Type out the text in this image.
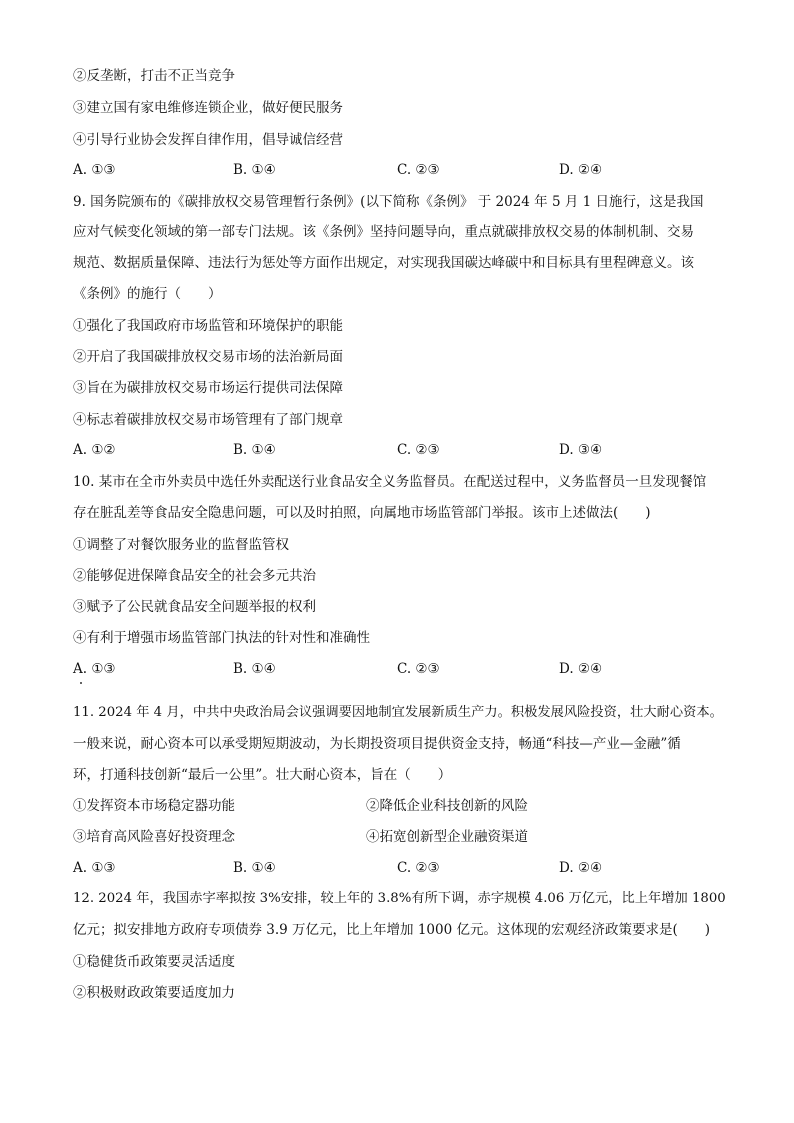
②反垄断，打击不正当竞争
③建立国有家电维修连锁企业，做好便民服务
④引导行业协会发挥自律作用，倡导诚信经营
A. ①③	B. ①④	C. ②③	D. ②④
9. 国务院颁布的《碳排放权交易管理暂行条例》(以下简称《条例》 于 2024 年 5 月 1 日施行，这是我国
应对气候变化领域的第一部专门法规。该《条例》坚持问题导向，重点就碳排放权交易的体制机制、交易
规范、数据质量保障、违法行为惩处等方面作出规定，对实现我国碳达峰碳中和目标具有里程碑意义。该
《条例》的施行（　　）
①强化了我国政府市场监管和环境保护的职能
②开启了我国碳排放权交易市场的法治新局面
③旨在为碳排放权交易市场运行提供司法保障
④标志着碳排放权交易市场管理有了部门规章
A. ①②	B. ①④	C. ②③	D. ③④
10. 某市在全市外卖员中选任外卖配送行业食品安全义务监督员。在配送过程中，义务监督员一旦发现餐馆
存在脏乱差等食品安全隐患问题，可以及时拍照，向属地市场监管部门举报。该市上述做法(　　)
①调整了对餐饮服务业的监督监管权
②能够促进保障食品安全的社会多元共治
③赋予了公民就食品安全问题举报的权利
④有利于增强市场监管部门执法的针对性和准确性
A. ①③	B. ①④	C. ②③	D. ②④
11. 2024 年 4 月，中共中央政治局会议强调要因地制宜发展新质生产力。积极发展风险投资，壮大耐心资本。
一般来说，耐心资本可以承受期短期波动，为长期投资项目提供资金支持，畅通“科技—产业—金融”循
环，打通科技创新“最后一公里”。壮大耐心资本，旨在（　　）
①发挥资本市场稳定器功能	②降低企业科技创新的风险
③培育高风险喜好投资理念	④拓宽创新型企业融资渠道
A. ①③	B. ①④	C. ②③	D. ②④
12. 2024 年，我国赤字率拟按 3%安排，较上年的 3.8%有所下调，赤字规模 4.06 万亿元，比上年增加 1800
亿元；拟安排地方政府专项债券 3.9 万亿元，比上年增加 1000 亿元。这体现的宏观经济政策要求是(　　)
①稳健货币政策要灵活适度
②积极财政政策要适度加力
